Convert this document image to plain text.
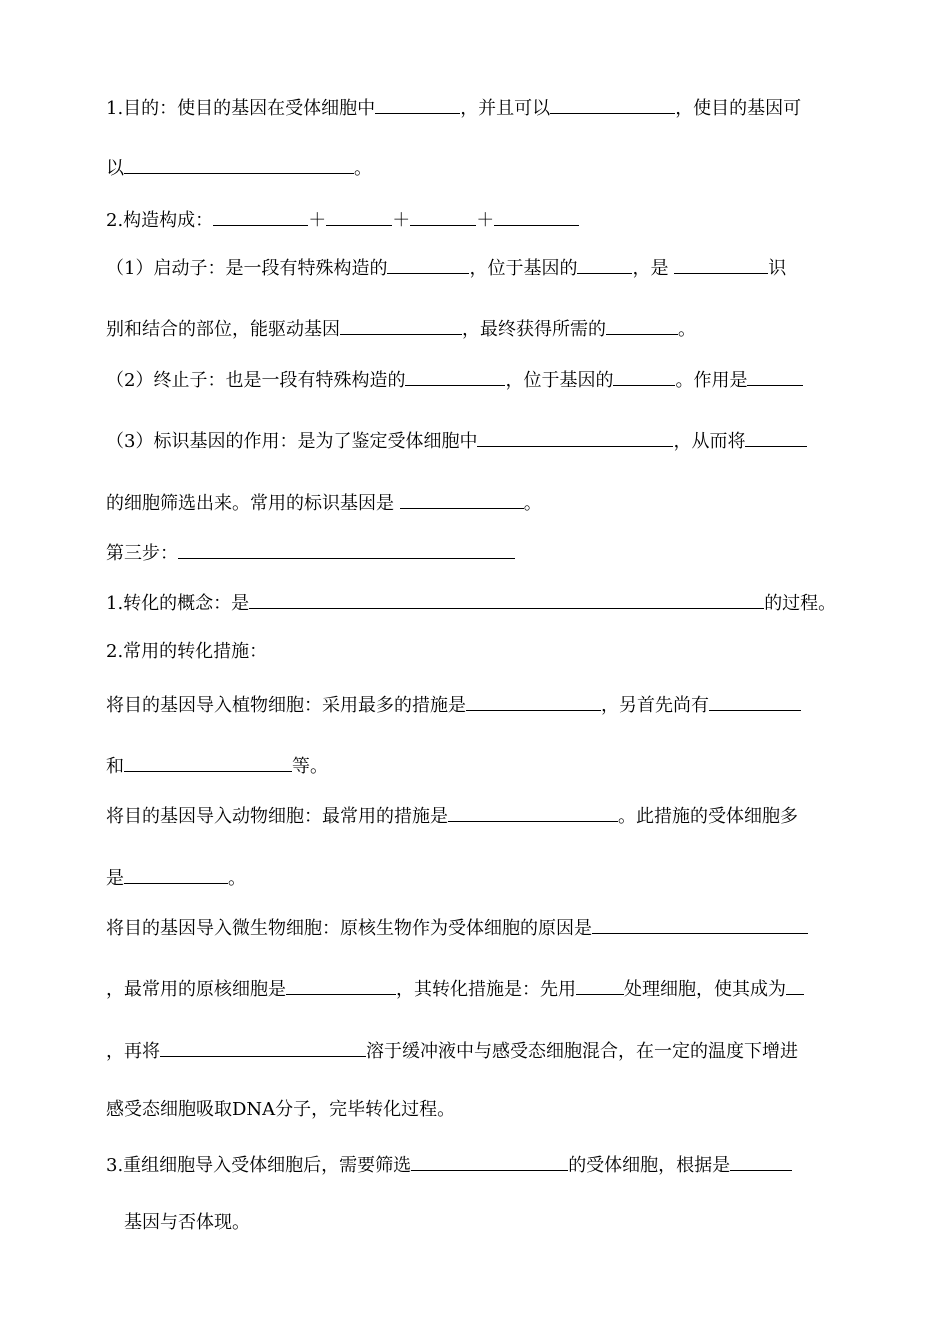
1.目的：使目的基因在受体细胞中	，并且可以	，使目的基因可
以	。
2.构造构成：	＋	＋	＋
（1）启动子：是一段有特殊构造的	，位于基因的	，是	识
别和结合的部位，能驱动基因	，最终获得所需的	。
（2）终止子：也是一段有特殊构造的	，位于基因的	。作用是
（3）标识基因的作用：是为了鉴定受体细胞中	，从而将
的细胞筛选出来。常用的标识基因是	。
第三步：
1.转化的概念：是	的过程。
2.常用的转化措施：
将目的基因导入植物细胞：采用最多的措施是	，另首先尚有
和	等。
将目的基因导入动物细胞：最常用的措施是	。此措施的受体细胞多
是	。
将目的基因导入微生物细胞：原核生物作为受体细胞的原因是
，最常用的原核细胞是	，其转化措施是：先用	处理细胞，使其成为
，再将	溶于缓冲液中与感受态细胞混合，在一定的温度下增进
感受态细胞吸取DNA分子，完毕转化过程。
3.重组细胞导入受体细胞后，需要筛选	的受体细胞，根据是
基因与否体现。
